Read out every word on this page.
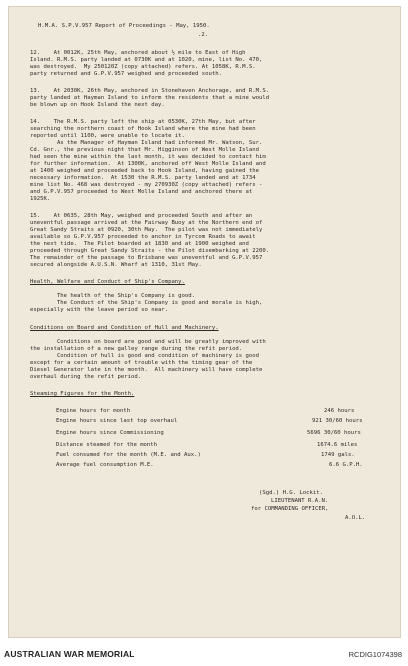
H.M.A. S.P.V.957 Report of Proceedings - May, 1950.
.2.
12.    At 0012K, 25th May, anchored about ½ mile to East of High
Island. R.M.S. party landed at 0730K and at 1020, mine, list No. 470,
was destroyed.  My 250120Z (copy attached) refers. At 1058K, R.M.S.
party returned and G.P.V.957 weighed and proceeded south.
13.    At 2030K, 26th May, anchored in Stonehaven Anchorage, and R.M.S.
party landed at Hayman Island to inform the residents that a mine would
be blown up on Hook Island the next day.
14.    The R.M.S. party left the ship at 0530K, 27th May, but after
searching the northern coast of Hook Island where the mine had been
reported until 1100, were unable to locate it.
As the Manager of Hayman Island had informed Mr. Watson, Sur.
Cd. Gnr., the previous night that Mr. Higginson of West Molle Island
had seen the mine within the last month, it was decided to contact him
for further information.  At 1300K, anchored off West Molle Island and
at 1400 weighed and proceeded back to Hook Island, having gained the
necessary information.  At 1530 the R.M.S. party landed and at 1734
mine list No. 468 was destroyed - my 270930Z (copy attached) refers -
and G.P.V.957 proceeded to West Molle Island and anchored there at
1925K.
15.    At 0635, 28th May, weighed and proceeded South and after an
uneventful passage arrived at the Fairway Buoy at the Northern end of
Great Sandy Straits at 0920, 30th May.  The pilot was not immediately
available so G.P.V.957 proceeded to anchor in Tyrcom Roads to await
the next tide.  The Pilot boarded at 1830 and at 1900 weighed and
proceeded through Great Sandy Straits - the Pilot disembarking at 2200.
The remainder of the passage to Brisbane was uneventful and G.P.V.957
secured alongside A.U.S.N. Wharf at 1310, 31st May.
Health, Welfare and Conduct of Ship's Company.
The health of the Ship's Company is good.
The Conduct of the Ship's Company is good and morale is high,
especially with the leave period so near.
Conditions on Board and Condition of Hull and Machinery.
Conditions on board are good and will be greatly improved with
the installation of a new galley range during the refit period.
Condition of hull is good and condition of machinery is good
except for a certain amount of trouble with the timing gear of the
Diesel Generator late in the month.  All machinery will have complete
overhaul during the refit period.
Steaming Figures for the Month.
Engine hours for month	246 hours
Engine hours since last top overhaul	921 30/60 hours
Engine hours since Commissioning	5696 30/60 hours
Distance steamed for the month	1674.6 miles
Fuel consumed for the month (M.E. and Aux.)	1749 gals.
Average fuel consumption M.E.	6.6 G.P.H.
(Sgd.) H.G. Lockit.
LIEUTENANT R.A.N.
for COMMANDING OFFICER,
A.O.L.
AUSTRALIAN WAR MEMORIAL	RCDIG1074398
